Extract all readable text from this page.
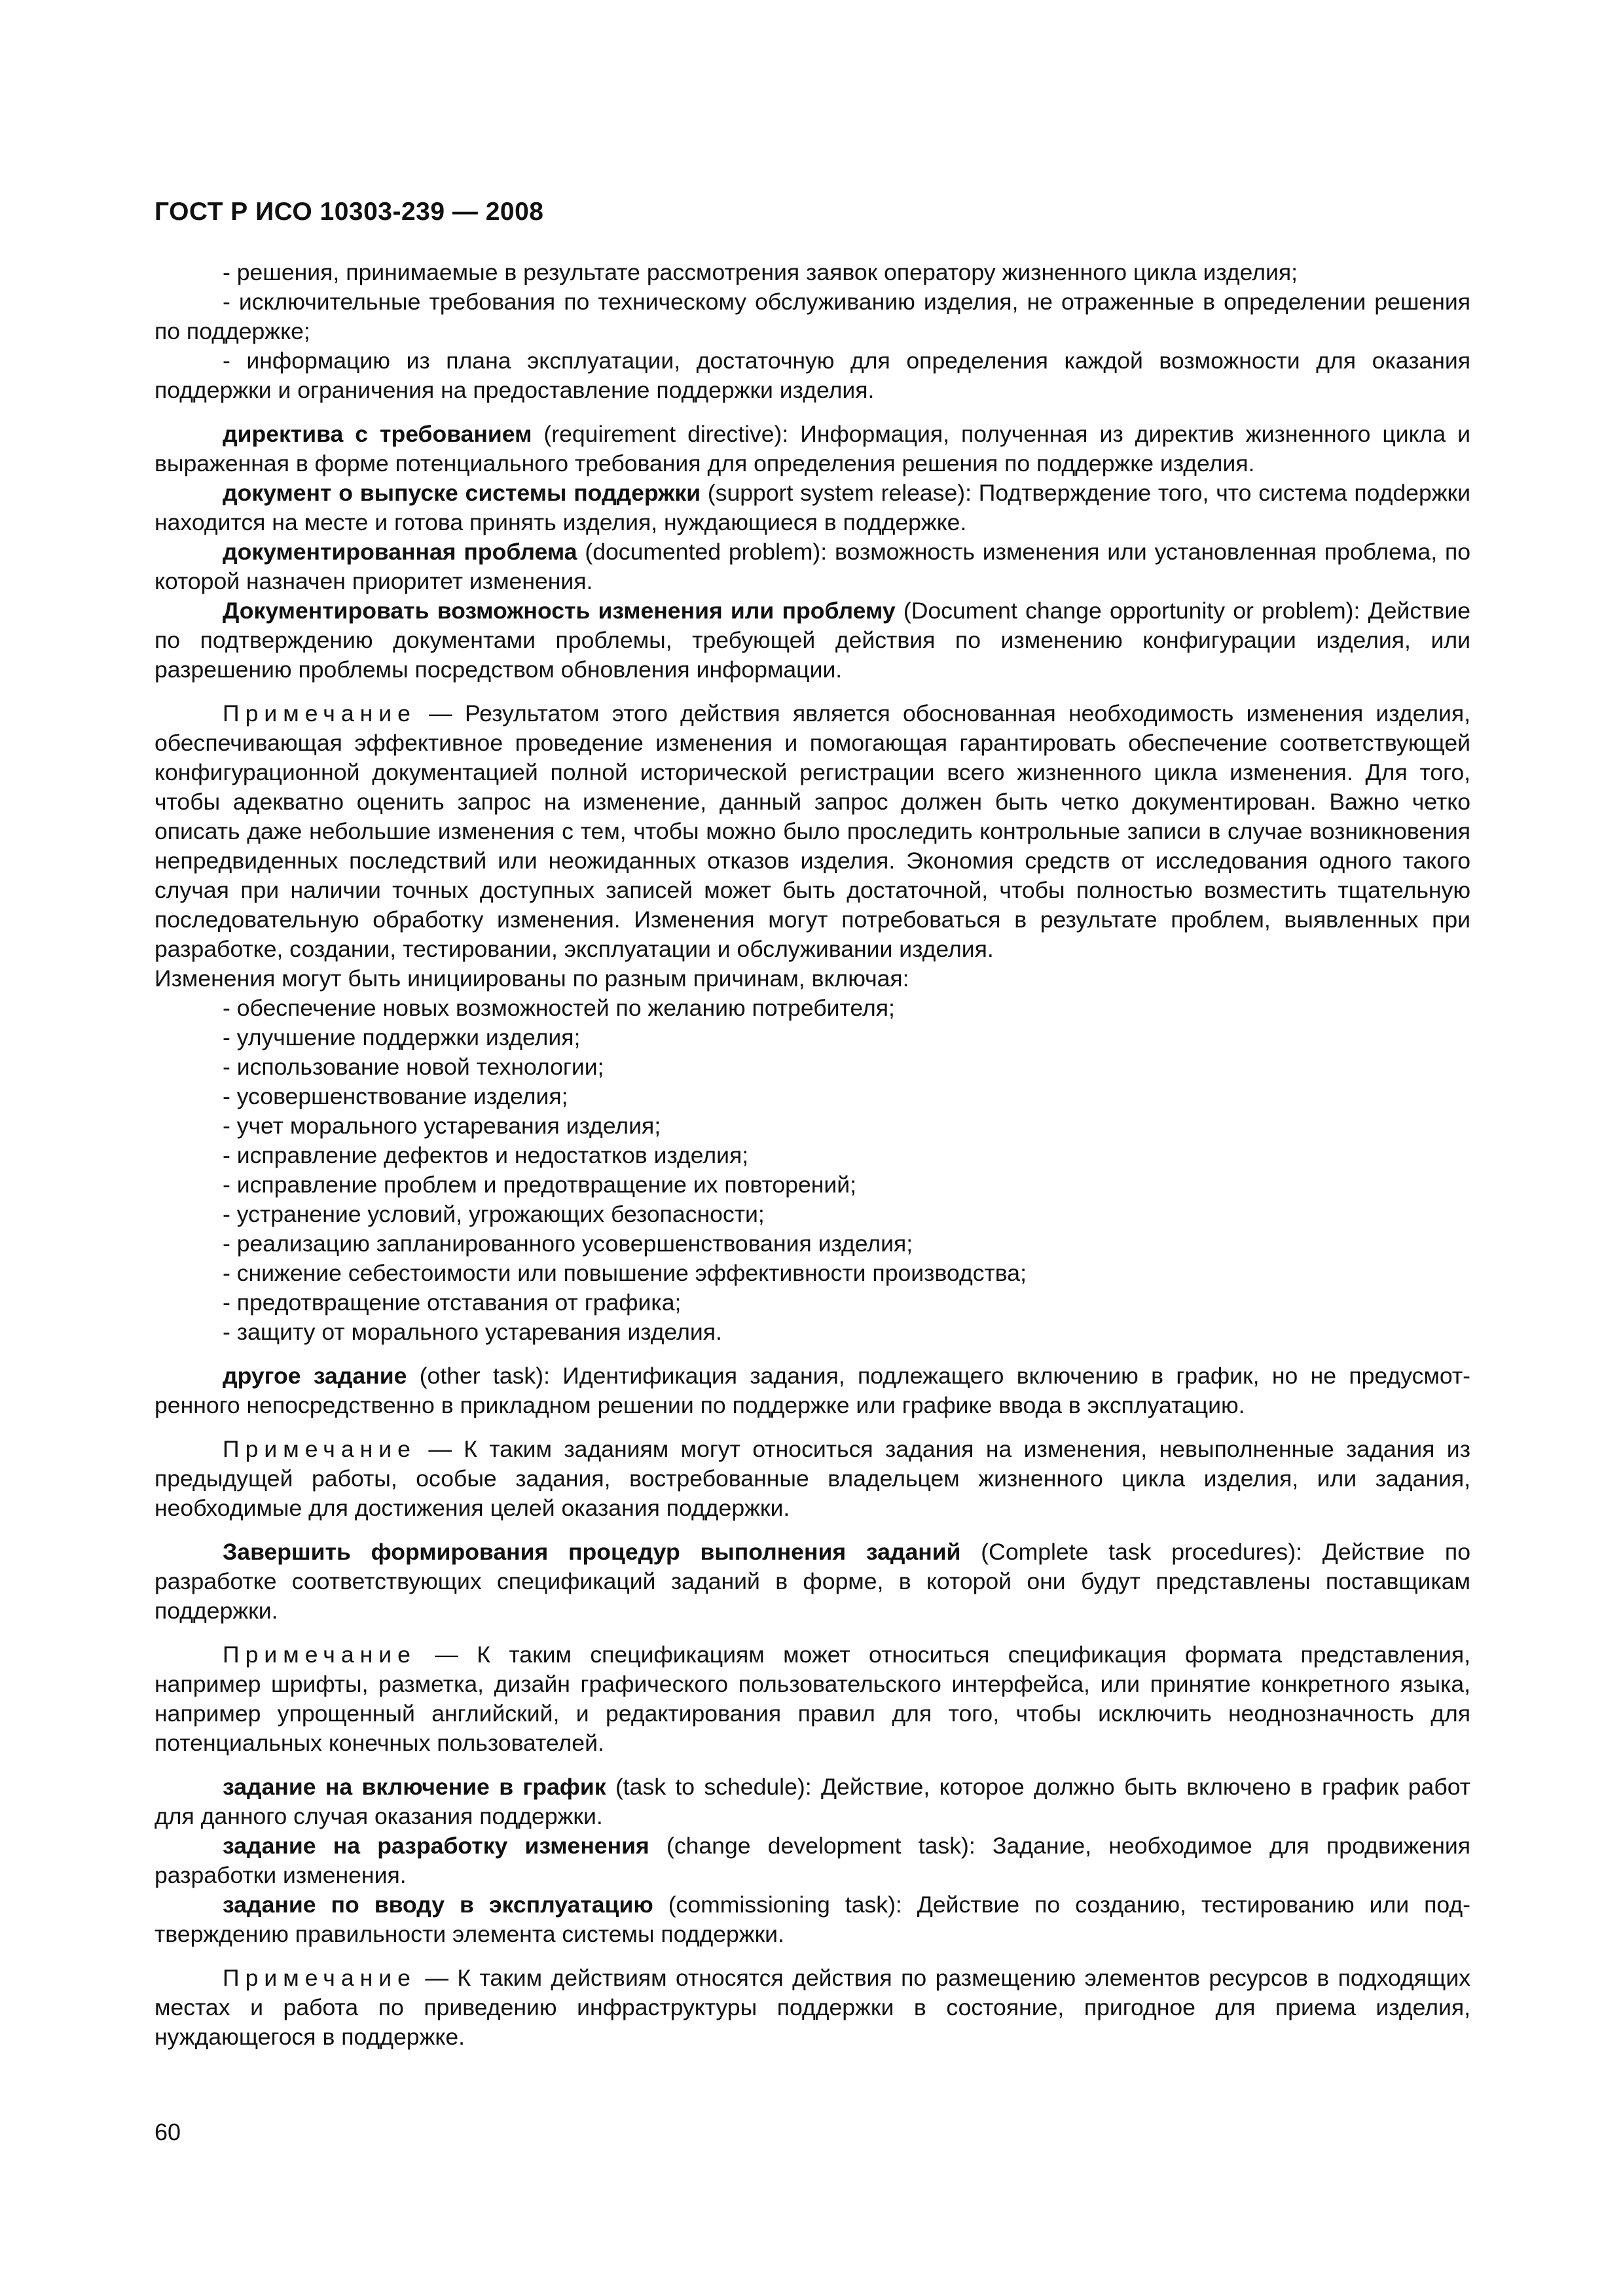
ГОСТ Р ИСО 10303-239 — 2008

- решения, принимаемые в результате рассмотрения заявок оператору жизненного цикла изделия;

- исключительные требования по техническому обслуживанию изделия, не отраженные в определении решения по поддержке;

- информацию из плана эксплуатации, достаточную для определения каждой возможности для оказания поддержки и ограничения на предоставление поддержки изделия.

директива с требованием (requirement directive): Информация, полученная из директив жизненного цикла и выраженная в форме потенциального требования для определения решения по поддержке изделия.

документ о выпуске системы поддержки (support system release): Подтверждение того, что система подdержки находится на месте и готова принять изделия, нуждающиеся в поддержке.

документированная проблема (documented problem): возможность изменения или установленная проблема, по которой назначен приоритет изменения.

Документировать возможность изменения или проблему (Document change opportunity or problem): Действие по подтверждению документами проблемы, требующей действия по изменению конфигурации изделия, или разрешению проблемы посредством обновления информации.

Примечание — Результатом этого действия является обоснованная необходимость изменения изделия, обеспечивающая эффективное проведение изменения и помогающая гарантировать обеспечение соответствующей конфигурационной документацией полной исторической регистрации всего жизненного цикла изменения. Для того, чтобы адекватно оценить запрос на изменение, данный запрос должен быть четко документирован. Важно четко описать даже небольшие изменения с тем, чтобы можно было проследить контрольные записи в случае возникновения непредвиденных последствий или неожиданных отказов изделия. Экономия средств от исследования одного такого случая при наличии точных доступных записей может быть достаточной, чтобы полностью возместить тщательную последовательную обработку изменения. Изменения могут потребоваться в результате проблем, выявленных при разработке, создании, тестировании, эксплуатации и обслуживании изделия.

Изменения могут быть инициированы по разным причинам, включая:
- обеспечение новых возможностей по желанию потребителя;
- улучшение поддержки изделия;
- использование новой технологии;
- усовершенствование изделия;
- учет морального устаревания изделия;
- исправление дефектов и недостатков изделия;
- исправление проблем и предотвращение их повторений;
- устранение условий, угрожающих безопасности;
- реализацию запланированного усовершенствования изделия;
- снижение себестоимости или повышение эффективности производства;
- предотвращение отставания от графика;
- защиту от морального устаревания изделия.

другое задание (other task): Идентификация задания, подлежащего включению в график, но не предусмотренного непосредственно в прикладном решении по поддержке или графике ввода в эксплуатацию.

Примечание — К таким заданиям могут относиться задания на изменения, невыполненные задания из предыдущей работы, особые задания, востребованные владельцем жизненного цикла изделия, или задания, необходимые для достижения целей оказания поддержки.

Завершить формирования процедур выполнения заданий (Complete task procedures): Действие по разработке соответствующих спецификаций заданий в форме, в которой они будут представлены поставщикам поддержки.

Примечание — К таким спецификациям может относиться спецификация формата представления, например шрифты, разметка, дизайн графического пользовательского интерфейса, или принятие конкретного языка, например упрощенный английский, и редактирования правил для того, чтобы исключить неоднозначность для потенциальных конечных пользователей.

задание на включение в график (task to schedule): Действие, которое должно быть включено в график работ для данного случая оказания поддержки.

задание на разработку изменения (change development task): Задание, необходимое для продвижения разработки изменения.

задание по вводу в эксплуатацию (commissioning task): Действие по созданию, тестированию или подтверждению правильности элемента системы поддержки.

Примечание — К таким действиям относятся действия по размещению элементов ресурсов в подходящих местах и работа по приведению инфраструктуры поддержки в состояние, пригодное для приема изделия, нуждающегося в поддержке.

60
